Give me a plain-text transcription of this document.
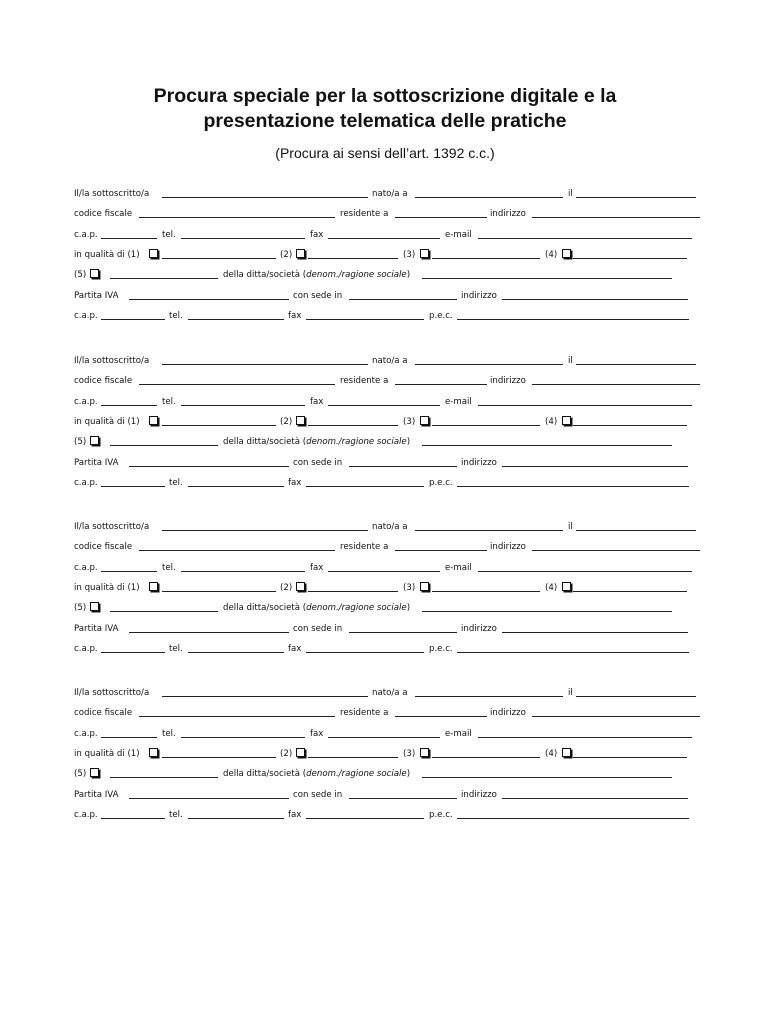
Procura speciale per la sottoscrizione digitale e la
presentazione telematica delle pratiche
(Procura ai sensi dell’art. 1392 c.c.)
Il/la sottoscritto/a	nato/a a	il
codice fiscale	residente a	indirizzo
c.a.p.	tel.	fax	e-mail
in qualità di (1)	(2)	(3)	(4)
(5)	della ditta/società (denom./ragione sociale)
Partita IVA	con sede in	indirizzo
c.a.p.	tel.	fax	p.e.c.
Il/la sottoscritto/a	nato/a a	il
codice fiscale	residente a	indirizzo
c.a.p.	tel.	fax	e-mail
in qualità di (1)	(2)	(3)	(4)
(5)	della ditta/società (denom./ragione sociale)
Partita IVA	con sede in	indirizzo
c.a.p.	tel.	fax	p.e.c.
Il/la sottoscritto/a	nato/a a	il
codice fiscale	residente a	indirizzo
c.a.p.	tel.	fax	e-mail
in qualità di (1)	(2)	(3)	(4)
(5)	della ditta/società (denom./ragione sociale)
Partita IVA	con sede in	indirizzo
c.a.p.	tel.	fax	p.e.c.
Il/la sottoscritto/a	nato/a a	il
codice fiscale	residente a	indirizzo
c.a.p.	tel.	fax	e-mail
in qualità di (1)	(2)	(3)	(4)
(5)	della ditta/società (denom./ragione sociale)
Partita IVA	con sede in	indirizzo
c.a.p.	tel.	fax	p.e.c.
